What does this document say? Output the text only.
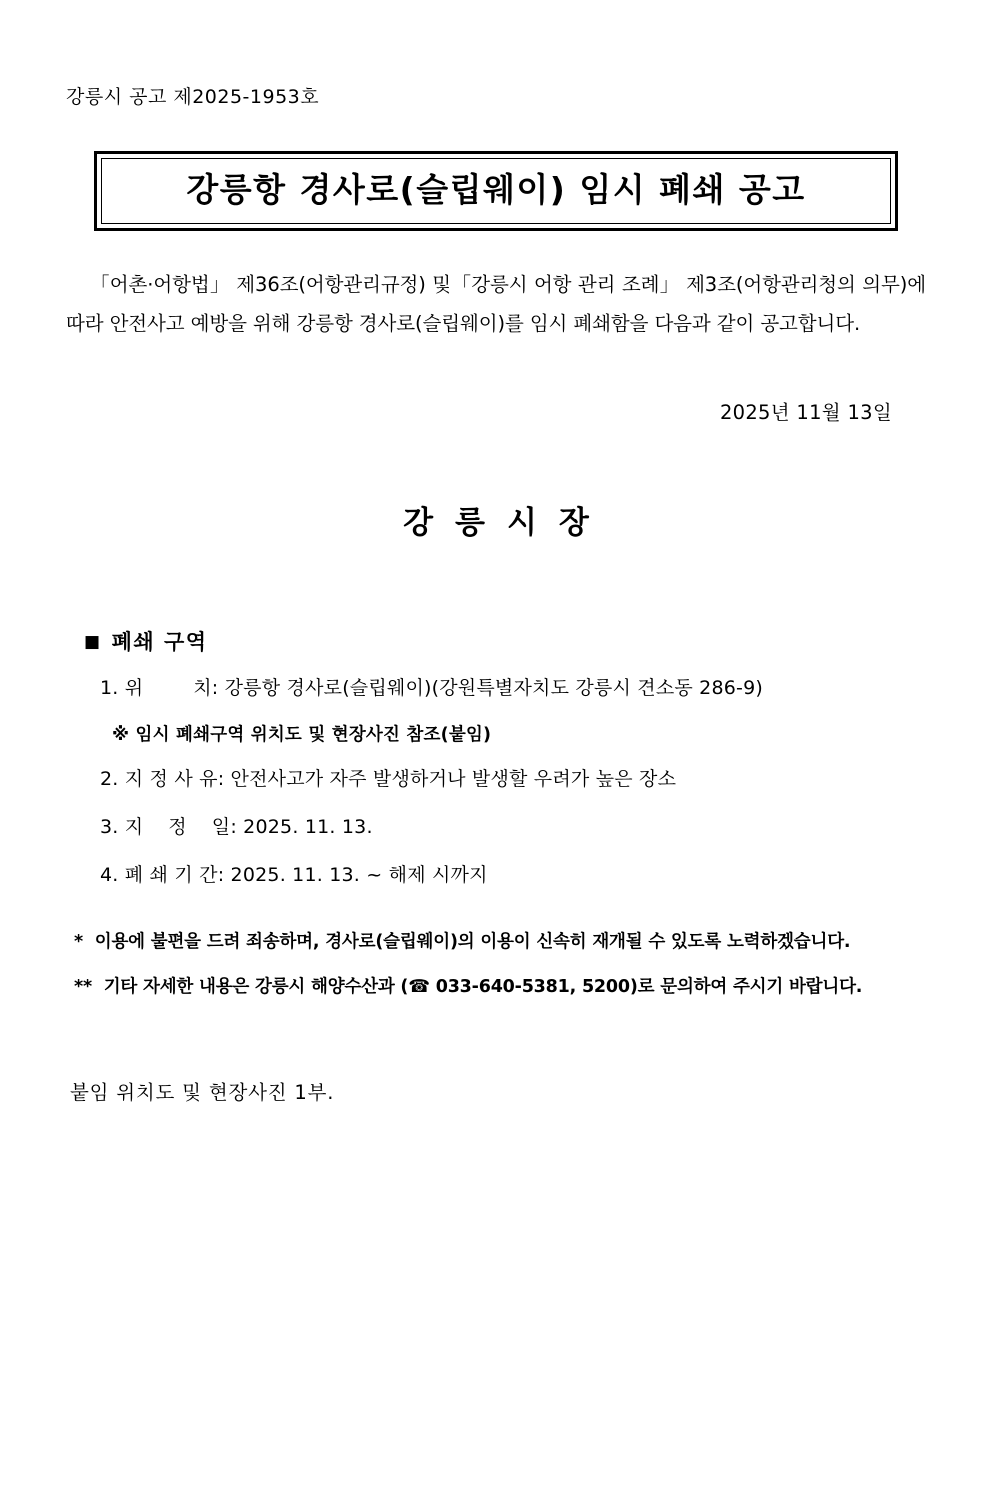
강릉시 공고 제2025-1953호
강릉항 경사로(슬립웨이) 임시 폐쇄 공고
「어촌·어항법」 제36조(어항관리규정) 및「강릉시 어항 관리 조례」 제3조(어항관리청의 의무)에 따라 안전사고 예방을 위해 강릉항 경사로(슬립웨이)를 임시 폐쇄함을 다음과 같이 공고합니다.
2025년 11월 13일
강릉시장
■ 폐쇄 구역
1. 위        치: 강릉항 경사로(슬립웨이)(강원특별자치도 강릉시 견소동 286-9)
※ 임시 폐쇄구역 위치도 및 현장사진 참조(붙임)
2. 지 정 사 유: 안전사고가 자주 발생하거나 발생할 우려가 높은 장소
3. 지    정    일: 2025. 11. 13.
4. 폐 쇄 기 간: 2025. 11. 13. ~ 해제 시까지
*  이용에 불편을 드려 죄송하며, 경사로(슬립웨이)의 이용이 신속히 재개될 수 있도록 노력하겠습니다.
**  기타 자세한 내용은 강릉시 해양수산과 (☎ 033-640-5381, 5200)로 문의하여 주시기 바랍니다.
붙임 위치도 및 현장사진 1부.
